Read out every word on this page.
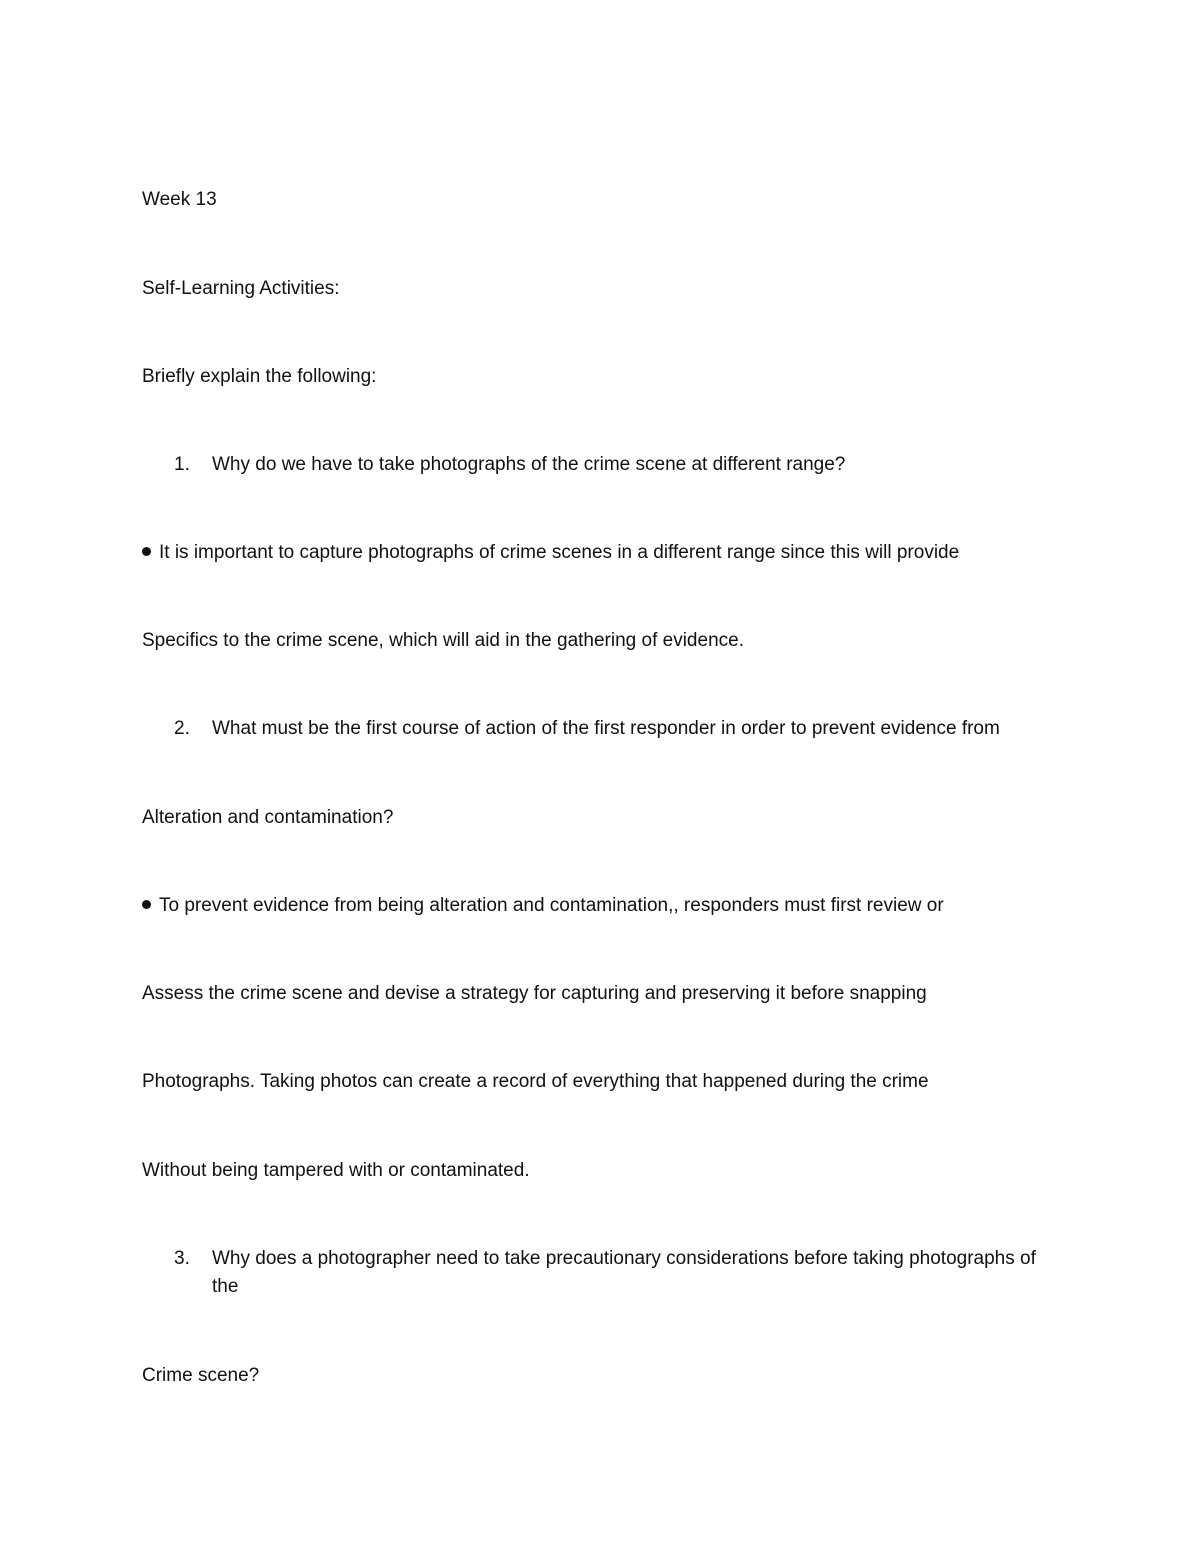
Week 13
Self-Learning Activities:
Briefly explain the following:
1. Why do we have to take photographs of the crime scene at different range?
It is important to capture photographs of crime scenes in a different range since this will provide
Specifics to the crime scene, which will aid in the gathering of evidence.
2. What must be the first course of action of the first responder in order to prevent evidence from
Alteration and contamination?
To prevent evidence from being alteration and contamination,, responders must first review or
Assess the crime scene and devise a strategy for capturing and preserving it before snapping
Photographs. Taking photos can create a record of everything that happened during the crime
Without being tampered with or contaminated.
3. Why does a photographer need to take precautionary considerations before taking photographs of the
Crime scene?
